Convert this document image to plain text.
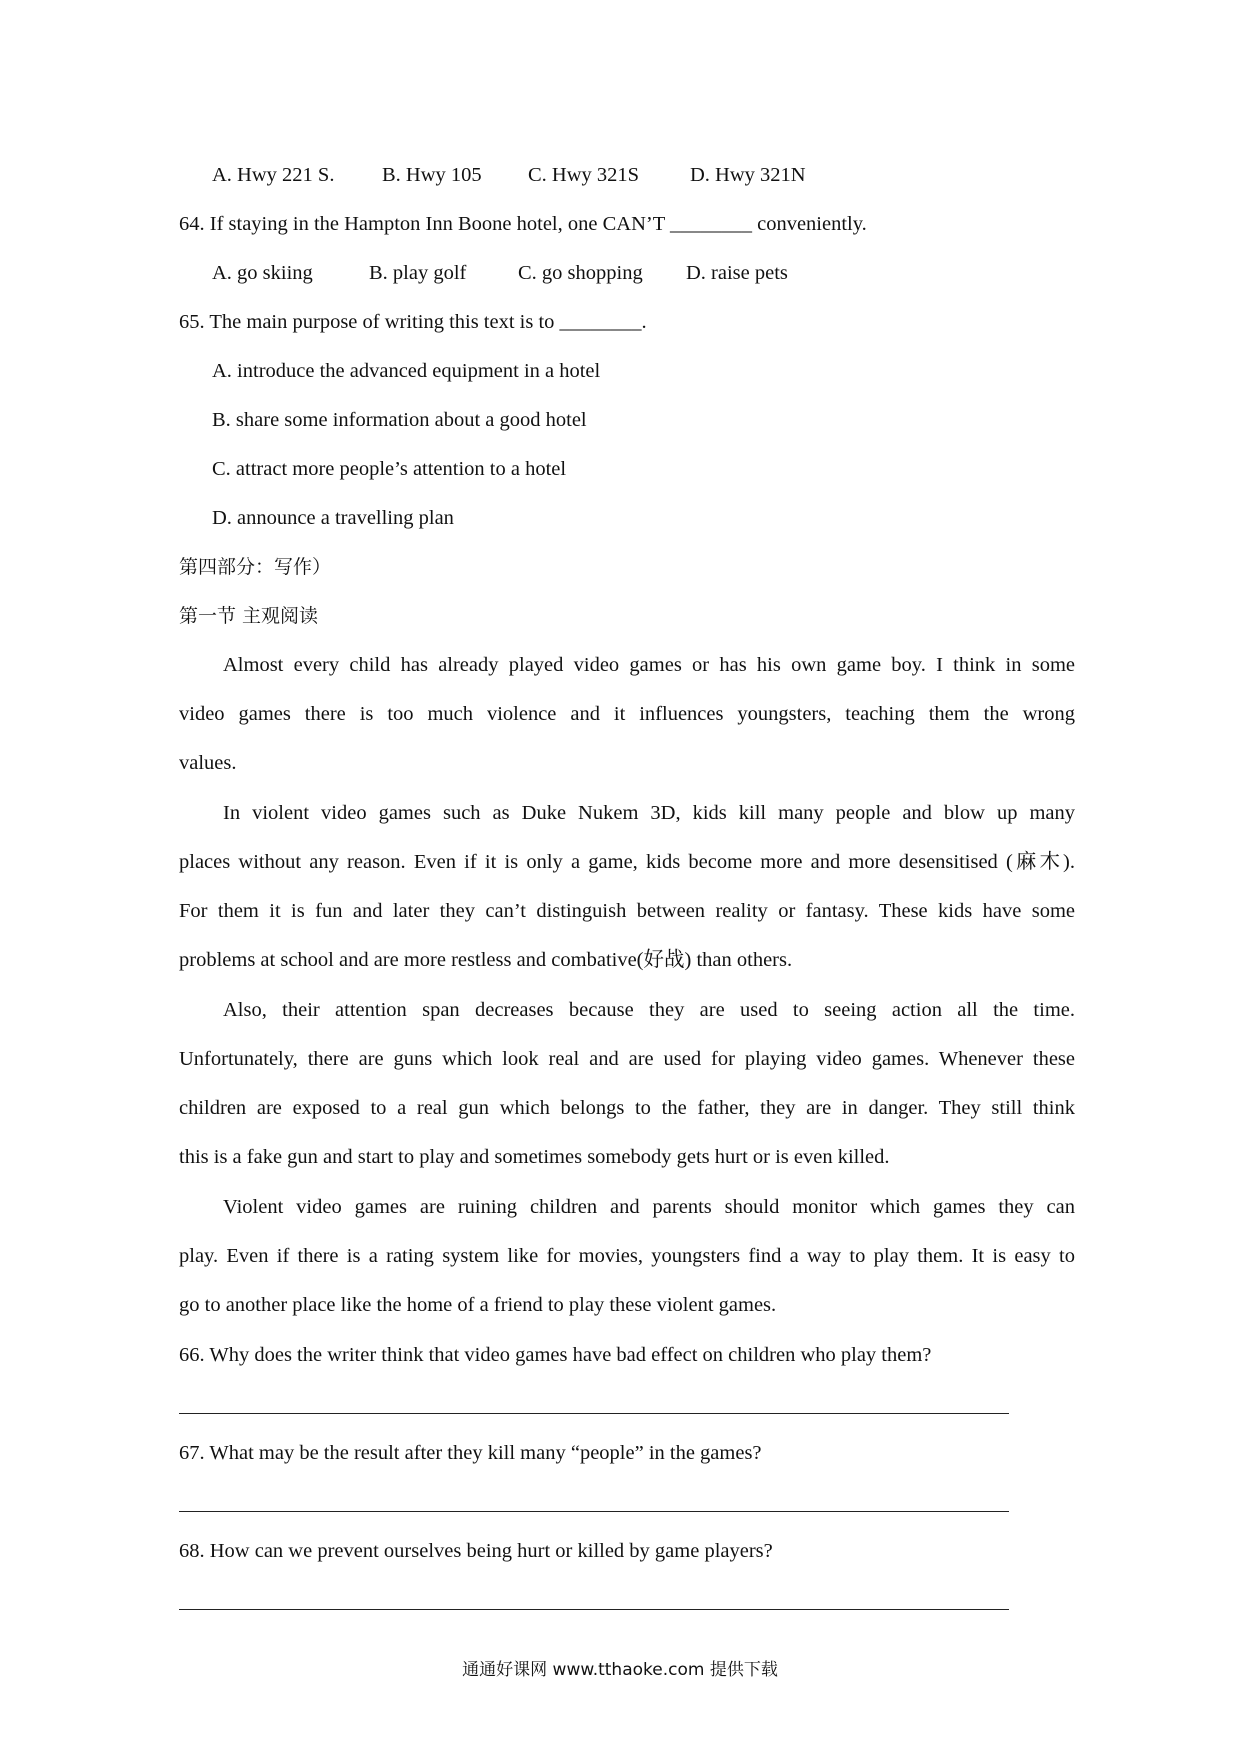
A. Hwy 221 S. B. Hwy 105 C. Hwy 321S D. Hwy 321N
64. If staying in the Hampton Inn Boone hotel, one CAN’T ________ conveniently.
A. go skiing	B. play golf	C. go shopping D. raise pets
65. The main purpose of writing this text is to ________.
A. introduce the advanced equipment in a hotel
B. share some information about a good hotel
C. attract more people’s attention to a hotel
D. announce a travelling plan
第四部分：写作）
第一节 主观阅读
Almost every child has already played video games or has his own game boy. I think in some
video games there is too much violence and it influences youngsters, teaching them the wrong
values.
In violent video games such as Duke Nukem 3D, kids kill many people and blow up many
places without any reason. Even if it is only a game, kids become more and more desensitised (麻木).
For them it is fun and later they can’t distinguish between reality or fantasy. These kids have some
problems at school and are more restless and combative(好战) than others.
Also, their attention span decreases because they are used to seeing action all the time.
Unfortunately, there are guns which look real and are used for playing video games. Whenever these
children are exposed to a real gun which belongs to the father, they are in danger. They still think
this is a fake gun and start to play and sometimes somebody gets hurt or is even killed.
Violent video games are ruining children and parents should monitor which games they can
play. Even if there is a rating system like for movies, youngsters find a way to play them. It is easy to
go to another place like the home of a friend to play these violent games.
66. Why does the writer think that video games have bad effect on children who play them?
67. What may be the result after they kill many “people” in the games?
68. How can we prevent ourselves being hurt or killed by game players?
通通好课网 www.tthaoke.com 提供下载
